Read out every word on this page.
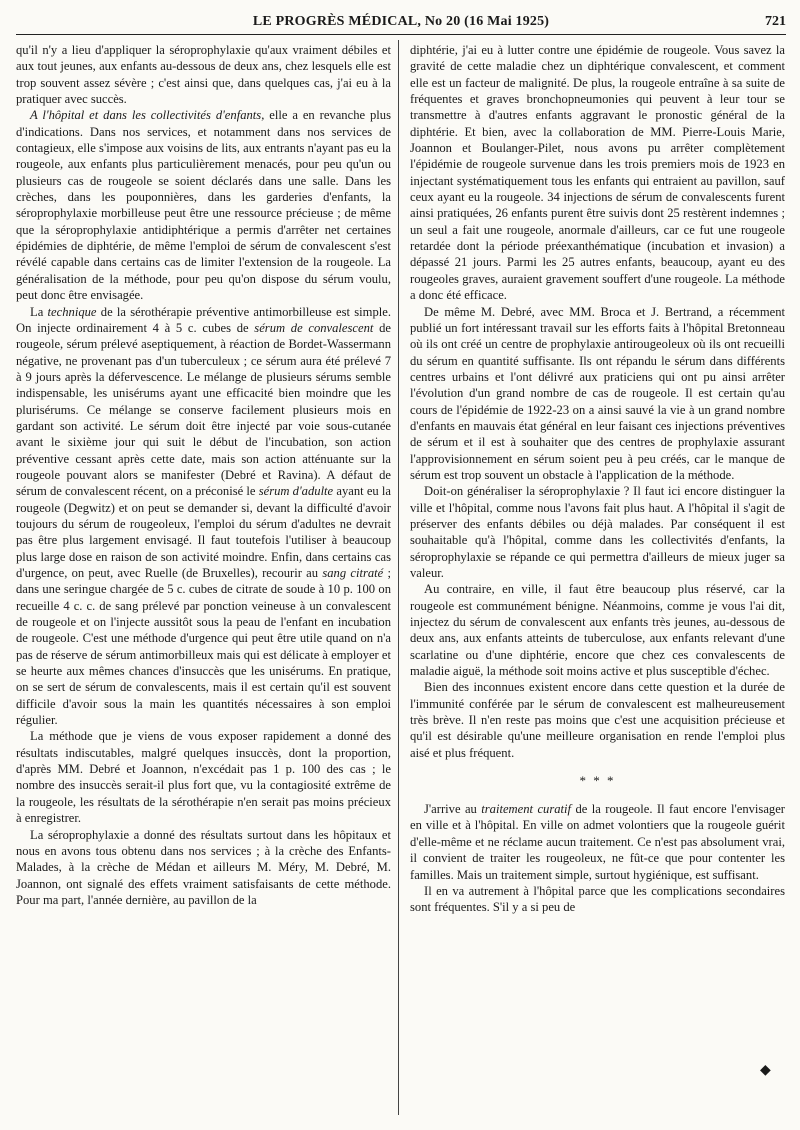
LE PROGRÈS MÉDICAL, No 20 (16 Mai 1925)	721

qu'il n'y a lieu d'appliquer la séroprophylaxie qu'aux vraiment débiles et aux tout jeunes, aux enfants au-dessous de deux ans, chez lesquels elle est trop souvent assez sévère ; c'est ainsi que, dans quelques cas, j'ai eu à la pratiquer avec succès.

A l'hôpital et dans les collectivités d'enfants, elle a en revanche plus d'indications. Dans nos services, et notamment dans nos services de contagieux, elle s'impose aux voisins de lits, aux entrants n'ayant pas eu la rougeole, aux enfants plus particulièrement menacés, pour peu qu'un ou plusieurs cas de rougeole se soient déclarés dans une salle. Dans les crèches, dans les pouponnières, dans les garderies d'enfants, la séroprophylaxie morbilleuse peut être une ressource précieuse ; de même que la séroprophylaxie antidiphtérique a permis d'arrêter net certaines épidémies de diphtérie, de même l'emploi de sérum de convalescent s'est révélé capable dans certains cas de limiter l'extension de la rougeole. La généralisation de la méthode, pour peu qu'on dispose du sérum voulu, peut donc être envisagée.

La technique de la sérothérapie préventive antimorbilleuse est simple. On injecte ordinairement 4 à 5 c. cubes de sérum de convalescent de rougeole, sérum prélevé aseptiquement, à réaction de Bordet-Wassermann négative, ne provenant pas d'un tuberculeux ; ce sérum aura été prélevé 7 à 9 jours après la défervescence. Le mélange de plusieurs sérums semble indispensable, les unisérums ayant une efficacité bien moindre que les plurisérums. Ce mélange se conserve facilement plusieurs mois en gardant son activité. Le sérum doit être injecté par voie sous-cutanée avant le sixième jour qui suit le début de l'incubation, son action préventive cessant après cette date, mais son action atténuante sur la rougeole pouvant alors se manifester (Debré et Ravina). A défaut de sérum de convalescent récent, on a préconisé le sérum d'adulte ayant eu la rougeole (Degwitz) et on peut se demander si, devant la difficulté d'avoir toujours du sérum de rougeoleux, l'emploi du sérum d'adultes ne devrait pas être plus largement envisagé. Il faut toutefois l'utiliser à beaucoup plus large dose en raison de son activité moindre. Enfin, dans certains cas d'urgence, on peut, avec Ruelle (de Bruxelles), recourir au sang citraté ; dans une seringue chargée de 5 c. cubes de citrate de soude à 10 p. 100 on recueille 4 c. c. de sang prélevé par ponction veineuse à un convalescent de rougeole et on l'injecte aussitôt sous la peau de l'enfant en incubation de rougeole. C'est une méthode d'urgence qui peut être utile quand on n'a pas de réserve de sérum antimorbilleux mais qui est délicate à employer et se heurte aux mêmes chances d'insuccès que les unisérums. En pratique, on se sert de sérum de convalescents, mais il est certain qu'il est souvent difficile d'avoir sous la main les quantités nécessaires à son emploi régulier.

La méthode que je viens de vous exposer rapidement a donné des résultats indiscutables, malgré quelques insuccès, dont la proportion, d'après MM. Debré et Joannon, n'excédait pas 1 p. 100 des cas ; le nombre des insuccès serait-il plus fort que, vu la contagiosité extrême de la rougeole, les résultats de la sérothérapie n'en serait pas moins précieux à enregistrer.

La séroprophylaxie a donné des résultats surtout dans les hôpitaux et nous en avons tous obtenu dans nos services ; à la crèche des Enfants-Malades, à la crèche de Médan et ailleurs M. Méry, M. Debré, M. Joannon, ont signalé des effets vraiment satisfaisants de cette méthode. Pour ma part, l'année dernière, au pavillon de la

diphtérie, j'ai eu à lutter contre une épidémie de rougeole. Vous savez la gravité de cette maladie chez un diphtérique convalescent, et comment elle est un facteur de malignité. De plus, la rougeole entraîne à sa suite de fréquentes et graves bronchopneumonies qui peuvent à leur tour se transmettre à d'autres enfants aggravant le pronostic général de la diphtérie. Et bien, avec la collaboration de MM. Pierre-Louis Marie, Joannon et Boulanger-Pilet, nous avons pu arrêter complètement l'épidémie de rougeole survenue dans les trois premiers mois de 1923 en injectant systématiquement tous les enfants qui entraient au pavillon, sauf ceux ayant eu la rougeole. 34 injections de sérum de convalescents furent ainsi pratiquées, 26 enfants purent être suivis dont 25 restèrent indemnes ; un seul a fait une rougeole, anormale d'ailleurs, car ce fut une rougeole retardée dont la période préexanthématique (incubation et invasion) a dépassé 21 jours. Parmi les 25 autres enfants, beaucoup, ayant eu des rougeoles graves, auraient gravement souffert d'une rougeole. La méthode a donc été efficace.

De même M. Debré, avec MM. Broca et J. Bertrand, a récemment publié un fort intéressant travail sur les efforts faits à l'hôpital Bretonneau où ils ont créé un centre de prophylaxie antirougeoleux où ils ont recueilli du sérum en quantité suffisante. Ils ont répandu le sérum dans différents centres urbains et l'ont délivré aux praticiens qui ont pu ainsi arrêter l'évolution d'un grand nombre de cas de rougeole. Il est certain qu'au cours de l'épidémie de 1922-23 on a ainsi sauvé la vie à un grand nombre d'enfants en mauvais état général en leur faisant ces injections préventives de sérum et il est à souhaiter que des centres de prophylaxie assurant l'approvisionnement en sérum soient peu à peu créés, car le manque de sérum est trop souvent un obstacle à l'application de la méthode.

Doit-on généraliser la séroprophylaxie ? Il faut ici encore distinguer la ville et l'hôpital, comme nous l'avons fait plus haut. A l'hôpital il s'agit de préserver des enfants débiles ou déjà malades. Par conséquent il est souhaitable qu'à l'hôpital, comme dans les collectivités d'enfants, la séroprophylaxie se répande ce qui permettra d'ailleurs de mieux juger sa valeur.

Au contraire, en ville, il faut être beaucoup plus réservé, car la rougeole est communément bénigne. Néanmoins, comme je vous l'ai dit, injectez du sérum de convalescent aux enfants très jeunes, au-dessous de deux ans, aux enfants atteints de tuberculose, aux enfants relevant d'une scarlatine ou d'une diphtérie, encore que chez ces convalescents de maladie aiguë, la méthode soit moins active et plus susceptible d'échec.

Bien des inconnues existent encore dans cette question et la durée de l'immunité conférée par le sérum de convalescent est malheureusement très brève. Il n'en reste pas moins que c'est une acquisition précieuse et qu'il est désirable qu'une meilleure organisation en rende l'emploi plus aisé et plus fréquent.

* * *

J'arrive au traitement curatif de la rougeole. Il faut encore l'envisager en ville et à l'hôpital. En ville on admet volontiers que la rougeole guérit d'elle-même et ne réclame aucun traitement. Ce n'est pas absolument vrai, il convient de traiter les rougeoleux, ne fût-ce que pour contenter les familles. Mais un traitement simple, surtout hygiénique, est suffisant.

Il en va autrement à l'hôpital parce que les complications secondaires sont fréquentes. S'il y a si peu de

◆
